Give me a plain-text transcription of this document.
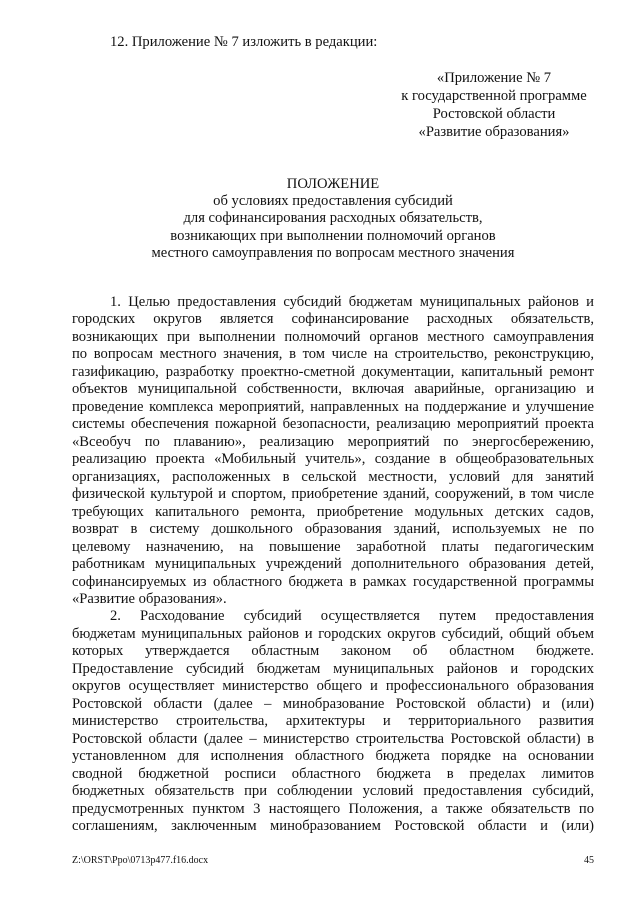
12. Приложение № 7 изложить в редакции:
«Приложение № 7
к государственной программе
Ростовской области
«Развитие образования»
ПОЛОЖЕНИЕ
об условиях предоставления субсидий
для софинансирования расходных обязательств,
возникающих при выполнении полномочий органов
местного самоуправления по вопросам местного значения
1. Целью предоставления субсидий бюджетам муниципальных районов и
городских округов является софинансирование расходных обязательств,
возникающих при выполнении полномочий органов местного самоуправления
по вопросам местного значения, в том числе на строительство, реконструкцию,
газификацию, разработку проектно-сметной документации, капитальный ремонт
объектов муниципальной собственности, включая аварийные, организацию и
проведение комплекса мероприятий, направленных на поддержание и улучшение
системы обеспечения пожарной безопасности, реализацию мероприятий проекта
«Всеобуч по плаванию», реализацию мероприятий по энергосбережению,
реализацию проекта «Мобильный учитель», создание в общеобразовательных
организациях, расположенных в сельской местности, условий для занятий
физической культурой и спортом, приобретение зданий, сооружений, в том числе
требующих капитального ремонта, приобретение модульных детских садов,
возврат в систему дошкольного образования зданий, используемых не по
целевому назначению, на повышение заработной платы педагогическим
работникам муниципальных учреждений дополнительного образования детей,
софинансируемых из областного бюджета в рамках государственной программы
«Развитие образования».
2. Расходование субсидий осуществляется путем предоставления
бюджетам муниципальных районов и городских округов субсидий, общий объем
которых утверждается областным законом об областном бюджете.
Предоставление субсидий бюджетам муниципальных районов и городских
округов осуществляет министерство общего и профессионального образования
Ростовской области (далее – минобразование Ростовской области) и (или)
министерство строительства, архитектуры и территориального развития
Ростовской области (далее – министерство строительства Ростовской области) в
установленном для исполнения областного бюджета порядке на основании
сводной бюджетной росписи областного бюджета в пределах лимитов
бюджетных обязательств при соблюдении условий предоставления субсидий,
предусмотренных пунктом 3 настоящего Положения, а также обязательств по
соглашениям, заключенным минобразованием Ростовской области и (или)
Z:\ORST\Ppo\0713p477.f16.docx	45
